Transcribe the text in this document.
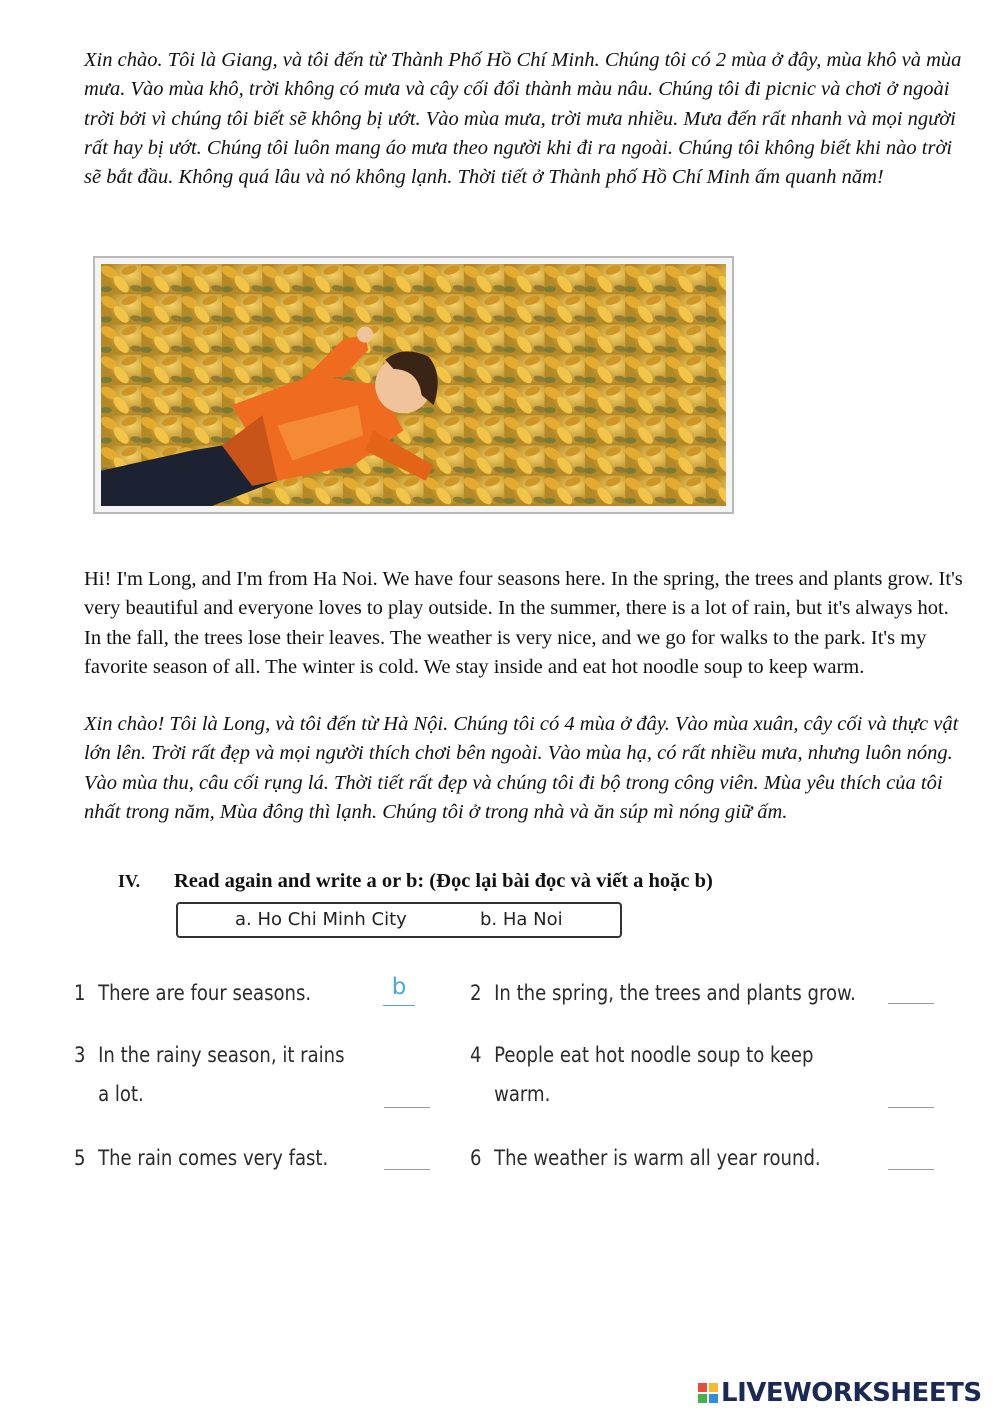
Xin chào. Tôi là Giang, và tôi đến từ Thành Phố Hồ Chí Minh. Chúng tôi có 2 mùa ở đây, mùa khô và mùa mưa. Vào mùa khô, trời không có mưa và cây cối đổi thành màu nâu. Chúng tôi đi picnic và chơi ở ngoài trời bởi vì chúng tôi biết sẽ không bị ướt. Vào mùa mưa, trời mưa nhiều. Mưa đến rất nhanh và mọi người rất hay bị ướt. Chúng tôi luôn mang áo mưa theo người khi đi ra ngoài. Chúng tôi không biết khi nào trời sẽ bắt đầu. Không quá lâu và nó không lạnh. Thời tiết ở Thành phố Hồ Chí Minh ấm quanh năm!

Hi! I'm Long, and I'm from Ha Noi. We have four seasons here. In the spring, the trees and plants grow. It's very beautiful and everyone loves to play outside. In the summer, there is a lot of rain, but it's always hot. In the fall, the trees lose their leaves. The weather is very nice, and we go for walks to the park. It's my favorite season of all. The winter is cold. We stay inside and eat hot noodle soup to keep warm.

Xin chào! Tôi là Long, và tôi đến từ Hà Nội. Chúng tôi có 4 mùa ở đây. Vào mùa xuân, cây cối và thực vật lớn lên. Trời rất đẹp và mọi người thích chơi bên ngoài. Vào mùa hạ, có rất nhiều mưa, nhưng luôn nóng. Vào mùa thu, câu cối rụng lá. Thời tiết rất đẹp và chúng tôi đi bộ trong công viên. Mùa yêu thích của tôi nhất trong năm, Mùa đông thì lạnh. Chúng tôi ở trong nhà và ăn súp mì nóng giữ ấm.

IV. Read again and write a or b: (Đọc lại bài đọc và viết a hoặc b)
a. Ho Chi Minh City	b. Ha Noi
1 There are four seasons.	b	2 In the spring, the trees and plants grow.
3 In the rainy season, it rains
a lot.
4 People eat hot noodle soup to keep
warm.
5 The rain comes very fast.	6 The weather is warm all year round.
LIVEWORKSHEETS
